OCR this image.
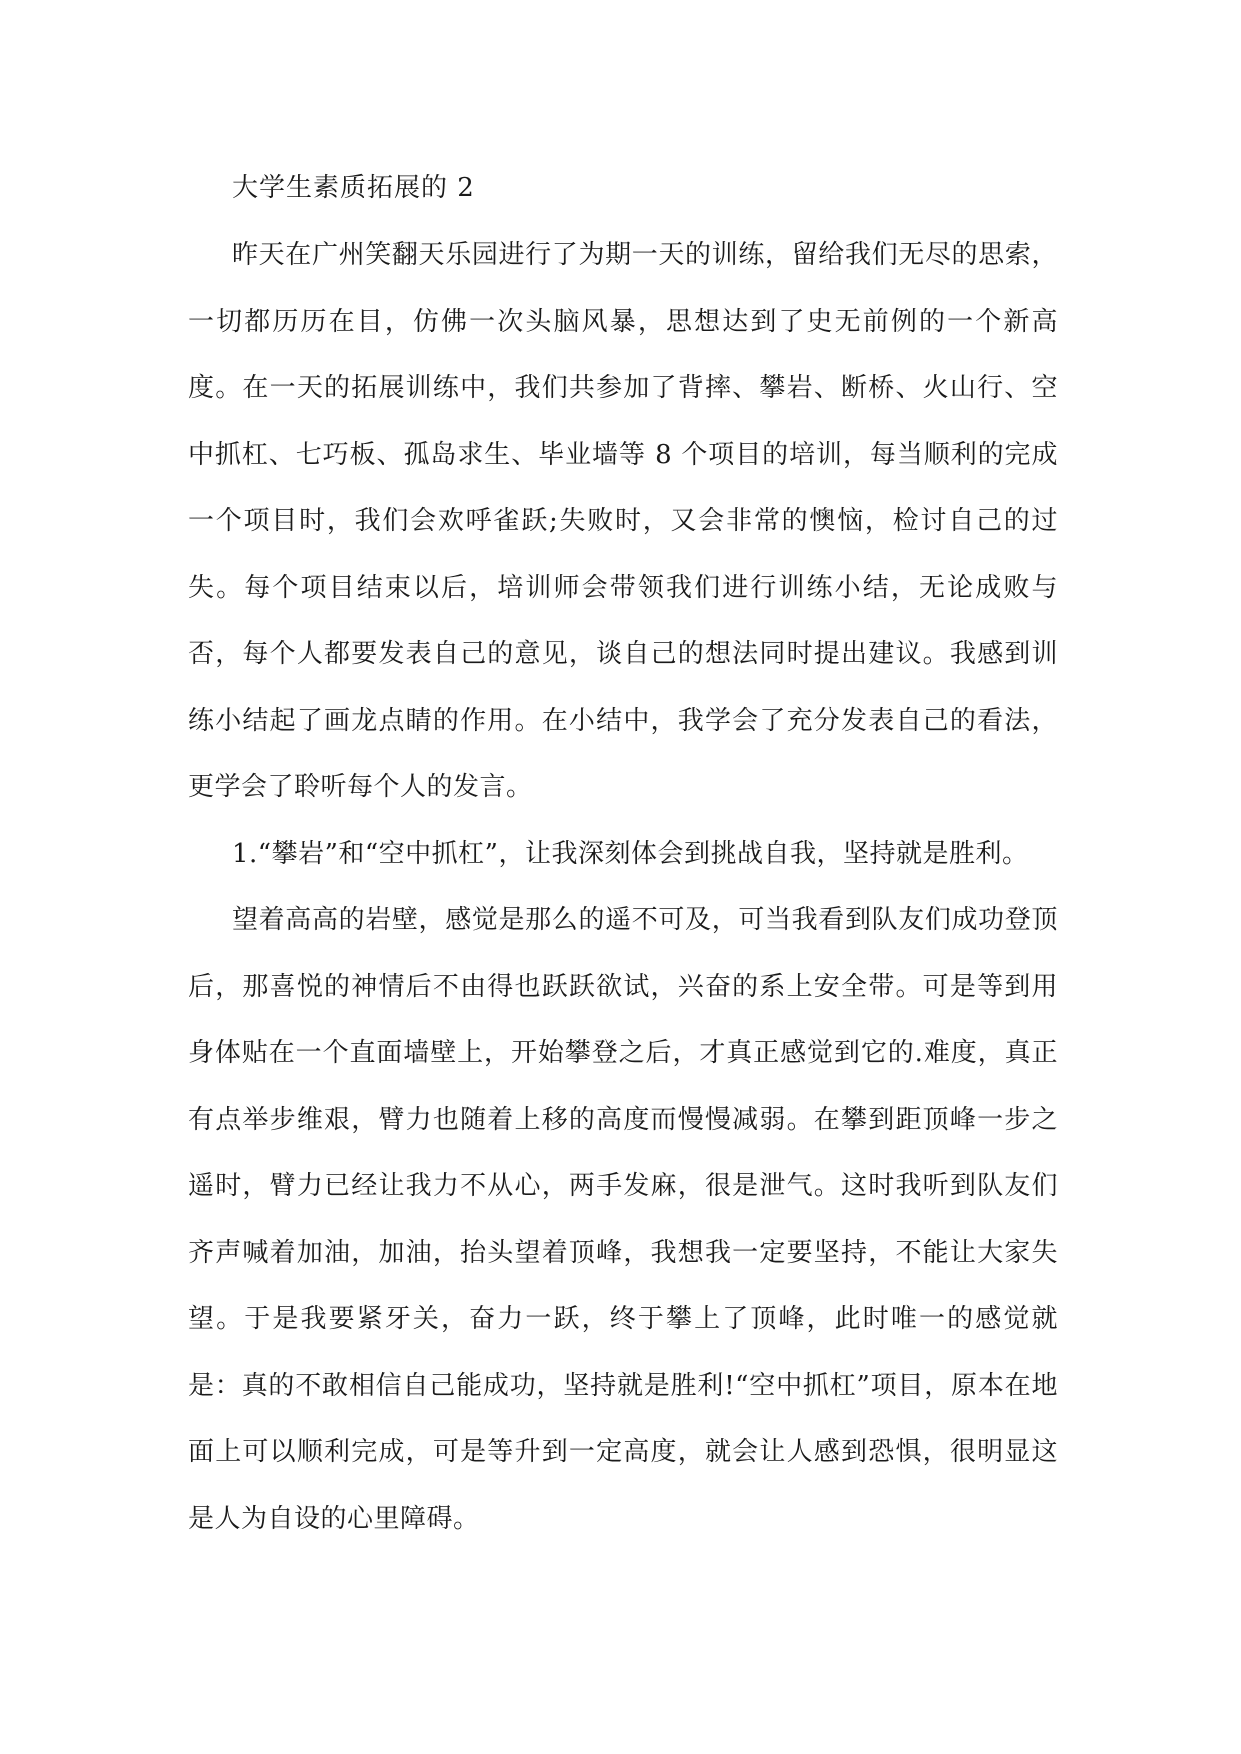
大学生素质拓展的 2

昨天在广州笑翻天乐园进行了为期一天的训练，留给我们无尽的思索，一切都历历在目，仿佛一次头脑风暴，思想达到了史无前例的一个新高度。在一天的拓展训练中，我们共参加了背摔、攀岩、断桥、火山行、空中抓杠、七巧板、孤岛求生、毕业墙等 8 个项目的培训，每当顺利的完成一个项目时，我们会欢呼雀跃;失败时，又会非常的懊恼，检讨自己的过失。每个项目结束以后，培训师会带领我们进行训练小结，无论成败与否，每个人都要发表自己的意见，谈自己的想法同时提出建议。我感到训练小结起了画龙点睛的作用。在小结中，我学会了充分发表自己的看法，更学会了聆听每个人的发言。

1.“攀岩”和“空中抓杠”，让我深刻体会到挑战自我，坚持就是胜利。

望着高高的岩壁，感觉是那么的遥不可及，可当我看到队友们成功登顶后，那喜悦的神情后不由得也跃跃欲试，兴奋的系上安全带。可是等到用身体贴在一个直面墙壁上，开始攀登之后，才真正感觉到它的.难度，真正有点举步维艰，臂力也随着上移的高度而慢慢减弱。在攀到距顶峰一步之遥时，臂力已经让我力不从心，两手发麻，很是泄气。这时我听到队友们齐声喊着加油，加油，抬头望着顶峰，我想我一定要坚持，不能让大家失望。于是我要紧牙关，奋力一跃，终于攀上了顶峰，此时唯一的感觉就是：真的不敢相信自己能成功，坚持就是胜利!“空中抓杠”项目，原本在地面上可以顺利完成，可是等升到一定高度，就会让人感到恐惧，很明显这是人为自设的心里障碍。
